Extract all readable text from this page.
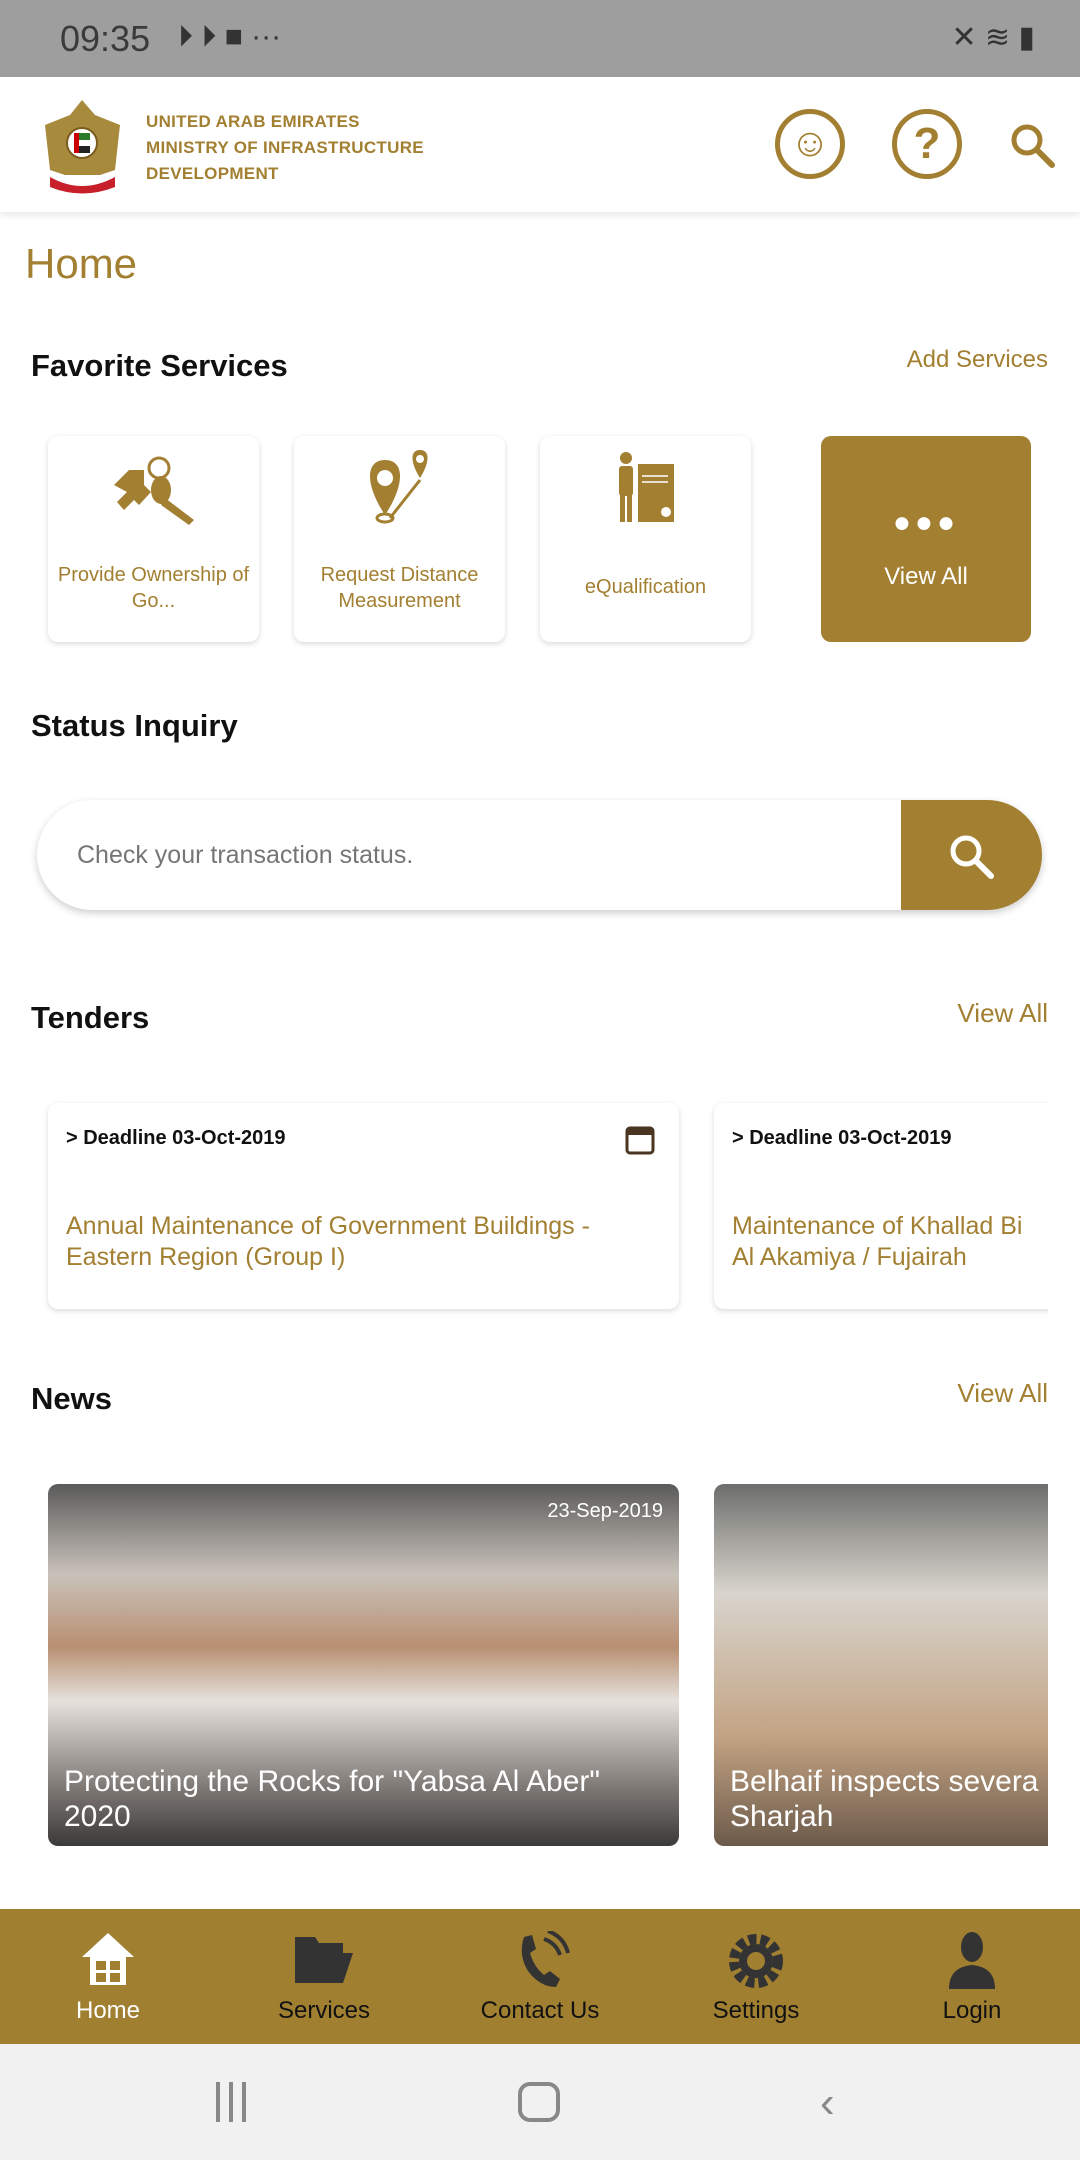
09:35 ⏵ ⏵ ■ ···	✕ ≋ ▮
UNITED ARAB EMIRATES
MINISTRY OF INFRASTRUCTURE
DEVELOPMENT
☺	?
Home
Favorite Services	Add Services
Provide Ownership of Go...
Request Distance Measurement
eQualification
●●●
View All
Status Inquiry
Check your transaction status.
Tenders	View All
> Deadline 03-Oct-2019
Annual Maintenance of Government Buildings -
Eastern Region (Group I)
> Deadline 03-Oct-2019
Maintenance of Khallad Bi
Al Akamiya / Fujairah
News	View All
23-Sep-2019
Protecting the Rocks for "Yabsa Al Aber"
2020
Belhaif inspects severa
Sharjah
Home	Services	Contact Us	Settings	Login
‹
